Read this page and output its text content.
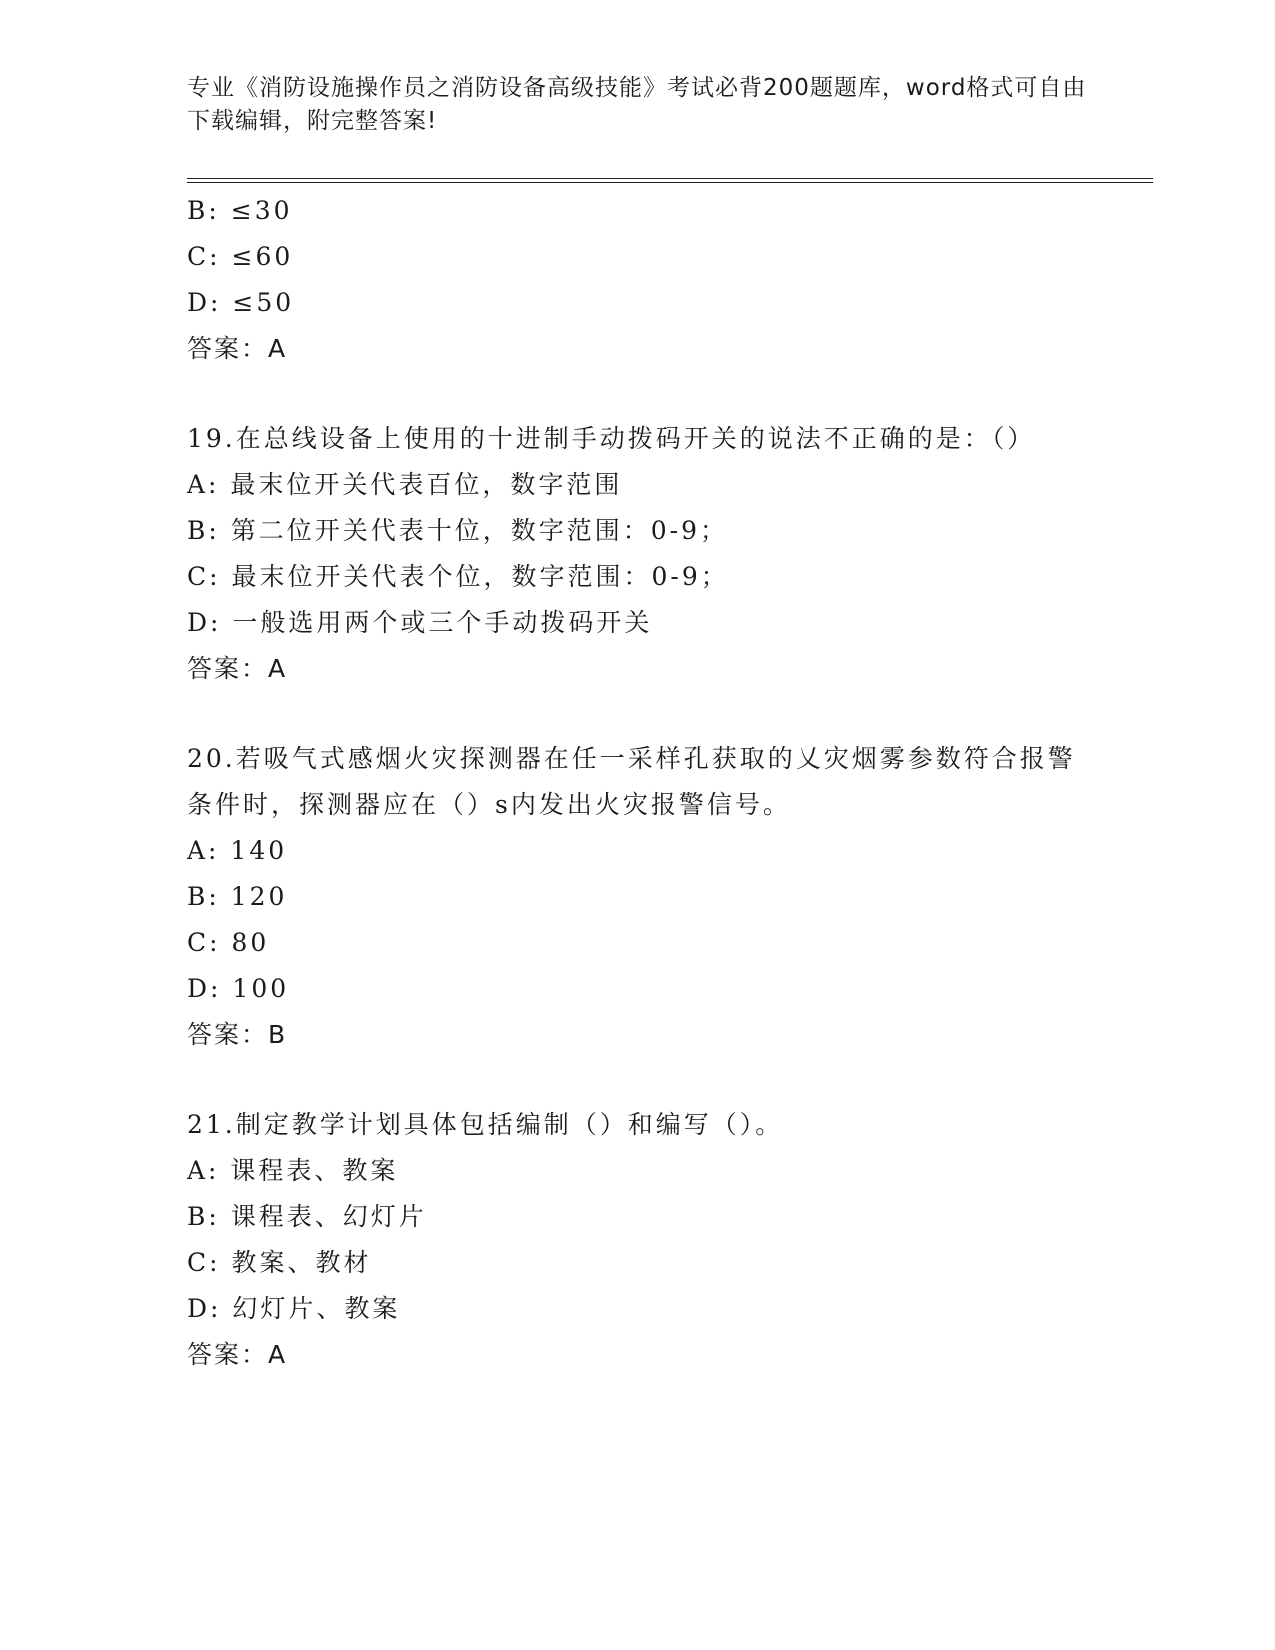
专业《消防设施操作员之消防设备高级技能》考试必背200题题库，word格式可自由下载编辑，附完整答案!
B: ≤30
C: ≤60
D: ≤50
答案：A
19.在总线设备上使用的十进制手动拨码开关的说法不正确的是：（）
A: 最末位开关代表百位，数字范围
B: 第二位开关代表十位，数字范围：0-9；
C: 最末位开关代表个位，数字范围：0-9；
D: 一般选用两个或三个手动拨码开关
答案：A
20.若吸气式感烟火灾探测器在任一采样孔获取的乂灾烟雾参数符合报警条件时，探测器应在（）s内发出火灾报警信号。
A: 140
B: 120
C: 80
D: 100
答案：B
21.制定教学计划具体包括编制（）和编写（）。
A: 课程表、教案
B: 课程表、幻灯片
C: 教案、教材
D: 幻灯片、教案
答案：A
